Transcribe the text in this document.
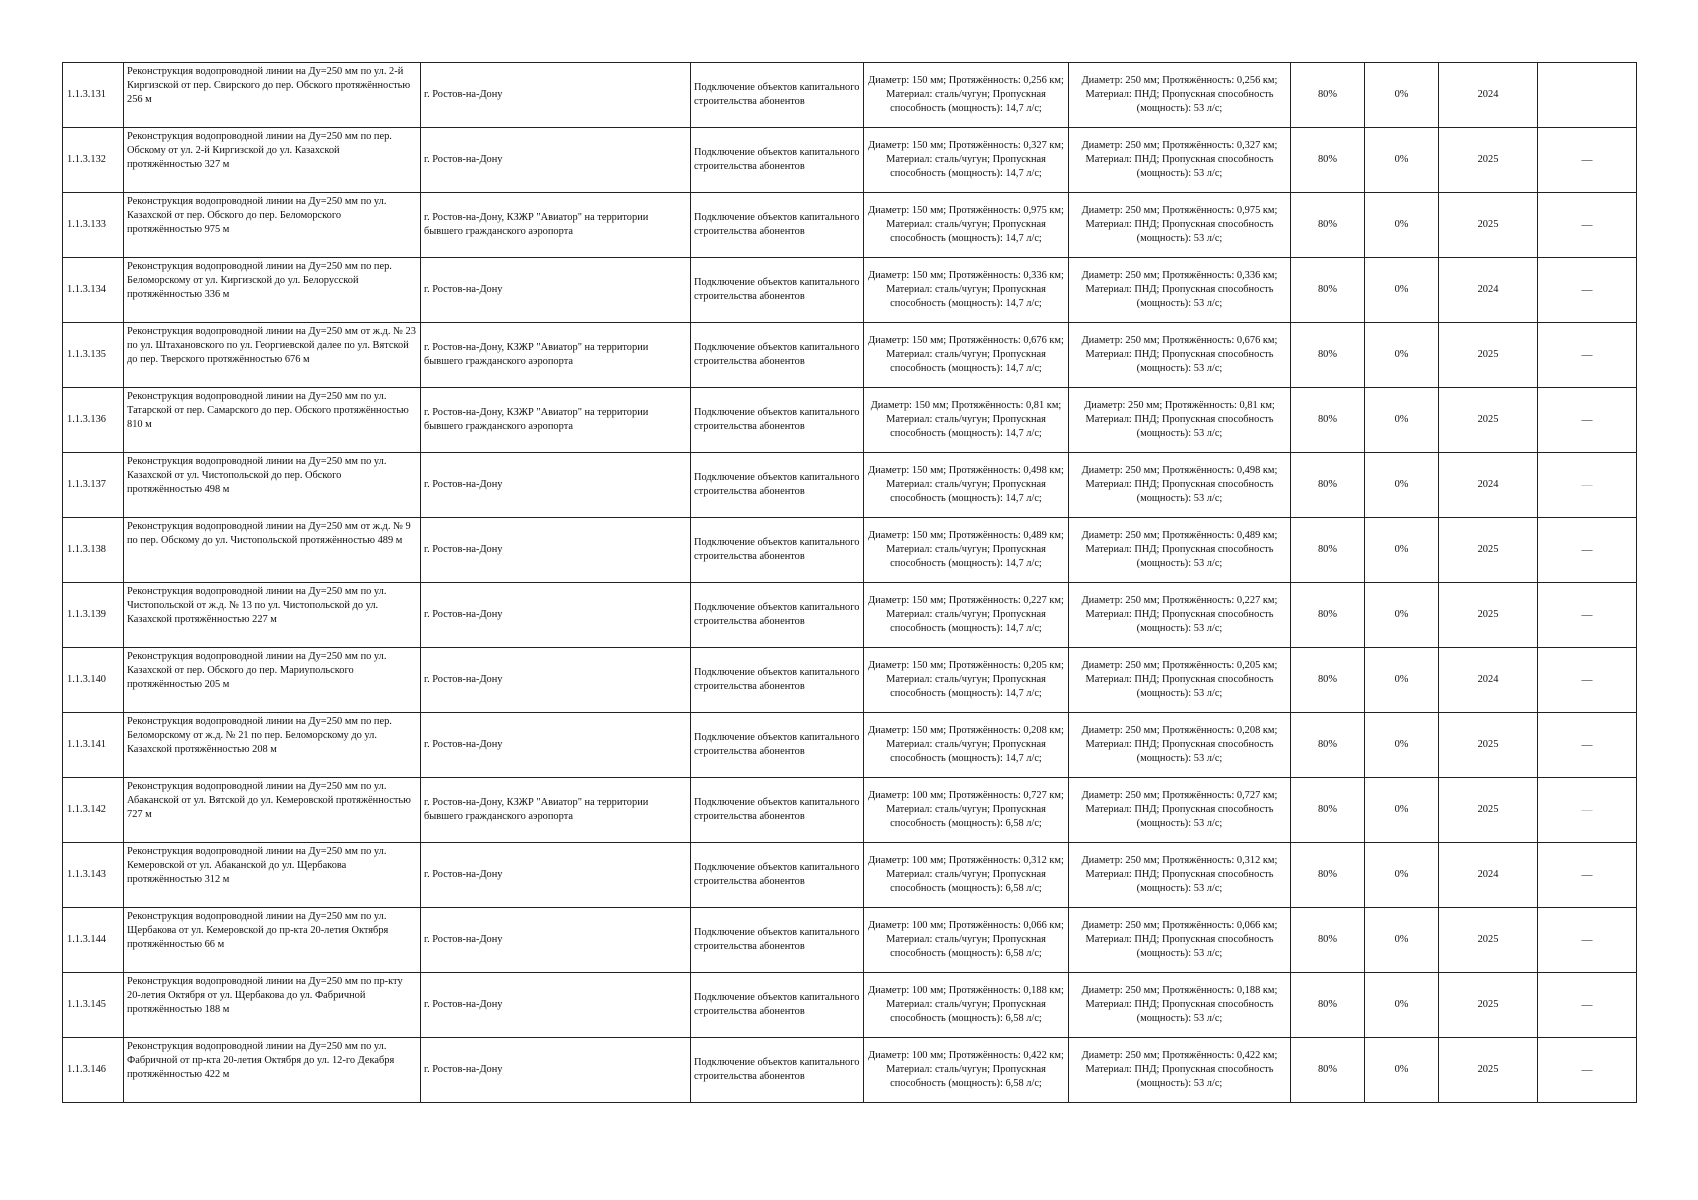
1.1.3.131	Реконструкция водопроводной линии на Ду=250 мм по ул. 2-й Киргизской от пер. Свирского до пер. Обского протяжённостью 256 м	г. Ростов-на-Дону	Подключение объектов капитального строительства абонентов	Диаметр: 150 мм; Протяжённость: 0,256 км; Материал: сталь/чугун; Пропускная способность (мощность): 14,7 л/с;	Диаметр: 250 мм; Протяжённость: 0,256 км; Материал: ПНД; Пропускная способность (мощность): 53 л/с;	80%	0%	2024	
1.1.3.132	Реконструкция водопроводной линии на Ду=250 мм по пер. Обскому от ул. 2-й Киргизской до ул. Казахской протяжённостью 327 м	г. Ростов-на-Дону	Подключение объектов капитального строительства абонентов	Диаметр: 150 мм; Протяжённость: 0,327 км; Материал: сталь/чугун; Пропускная способность (мощность): 14,7 л/с;	Диаметр: 250 мм; Протяжённость: 0,327 км; Материал: ПНД; Пропускная способность (мощность): 53 л/с;	80%	0%	2025	—
1.1.3.133	Реконструкция водопроводной линии на Ду=250 мм по ул. Казахской от пер. Обского до пер. Беломорского протяжённостью 975 м	г. Ростов-на-Дону, КЗЖР "Авиатор" на территории бывшего гражданского аэропорта	Подключение объектов капитального строительства абонентов	Диаметр: 150 мм; Протяжённость: 0,975 км; Материал: сталь/чугун; Пропускная способность (мощность): 14,7 л/с;	Диаметр: 250 мм; Протяжённость: 0,975 км; Материал: ПНД; Пропускная способность (мощность): 53 л/с;	80%	0%	2025	—
1.1.3.134	Реконструкция водопроводной линии на Ду=250 мм по пер. Беломорскому от ул. Киргизской до ул. Белорусской протяжённостью 336 м	г. Ростов-на-Дону	Подключение объектов капитального строительства абонентов	Диаметр: 150 мм; Протяжённость: 0,336 км; Материал: сталь/чугун; Пропускная способность (мощность): 14,7 л/с;	Диаметр: 250 мм; Протяжённость: 0,336 км; Материал: ПНД; Пропускная способность (мощность): 53 л/с;	80%	0%	2024	—
1.1.3.135	Реконструкция водопроводной линии на Ду=250 мм от ж.д. № 23 по ул. Штахановского по ул. Георгиевской далее по ул. Вятской до пер. Тверского протяжённостью 676 м	г. Ростов-на-Дону, КЗЖР "Авиатор" на территории бывшего гражданского аэропорта	Подключение объектов капитального строительства абонентов	Диаметр: 150 мм; Протяжённость: 0,676 км; Материал: сталь/чугун; Пропускная способность (мощность): 14,7 л/с;	Диаметр: 250 мм; Протяжённость: 0,676 км; Материал: ПНД; Пропускная способность (мощность): 53 л/с;	80%	0%	2025	—
1.1.3.136	Реконструкция водопроводной линии на Ду=250 мм по ул. Татарской от пер. Самарского до пер. Обского протяжённостью 810 м	г. Ростов-на-Дону, КЗЖР "Авиатор" на территории бывшего гражданского аэропорта	Подключение объектов капитального строительства абонентов	Диаметр: 150 мм; Протяжённость: 0,81 км; Материал: сталь/чугун; Пропускная способность (мощность): 14,7 л/с;	Диаметр: 250 мм; Протяжённость: 0,81 км; Материал: ПНД; Пропускная способность (мощность): 53 л/с;	80%	0%	2025	—
1.1.3.137	Реконструкция водопроводной линии на Ду=250 мм по ул. Казахской от ул. Чистопольской до пер. Обского протяжённостью 498 м	г. Ростов-на-Дону	Подключение объектов капитального строительства абонентов	Диаметр: 150 мм; Протяжённость: 0,498 км; Материал: сталь/чугун; Пропускная способность (мощность): 14,7 л/с;	Диаметр: 250 мм; Протяжённость: 0,498 км; Материал: ПНД; Пропускная способность (мощность): 53 л/с;	80%	0%	2024	—
1.1.3.138	Реконструкция водопроводной линии на Ду=250 мм от ж.д. № 9 по пер. Обскому до ул. Чистопольской протяжённостью 489 м	г. Ростов-на-Дону	Подключение объектов капитального строительства абонентов	Диаметр: 150 мм; Протяжённость: 0,489 км; Материал: сталь/чугун; Пропускная способность (мощность): 14,7 л/с;	Диаметр: 250 мм; Протяжённость: 0,489 км; Материал: ПНД; Пропускная способность (мощность): 53 л/с;	80%	0%	2025	—
1.1.3.139	Реконструкция водопроводной линии на Ду=250 мм по ул. Чистопольской от ж.д. № 13 по ул. Чистопольской до ул. Казахской протяжённостью 227 м	г. Ростов-на-Дону	Подключение объектов капитального строительства абонентов	Диаметр: 150 мм; Протяжённость: 0,227 км; Материал: сталь/чугун; Пропускная способность (мощность): 14,7 л/с;	Диаметр: 250 мм; Протяжённость: 0,227 км; Материал: ПНД; Пропускная способность (мощность): 53 л/с;	80%	0%	2025	—
1.1.3.140	Реконструкция водопроводной линии на Ду=250 мм по ул. Казахской от пер. Обского до пер. Мариупольского протяжённостью 205 м	г. Ростов-на-Дону	Подключение объектов капитального строительства абонентов	Диаметр: 150 мм; Протяжённость: 0,205 км; Материал: сталь/чугун; Пропускная способность (мощность): 14,7 л/с;	Диаметр: 250 мм; Протяжённость: 0,205 км; Материал: ПНД; Пропускная способность (мощность): 53 л/с;	80%	0%	2024	—
1.1.3.141	Реконструкция водопроводной линии на Ду=250 мм по пер. Беломорскому от ж.д. № 21 по пер. Беломорскому до ул. Казахской протяжённостью 208 м	г. Ростов-на-Дону	Подключение объектов капитального строительства абонентов	Диаметр: 150 мм; Протяжённость: 0,208 км; Материал: сталь/чугун; Пропускная способность (мощность): 14,7 л/с;	Диаметр: 250 мм; Протяжённость: 0,208 км; Материал: ПНД; Пропускная способность (мощность): 53 л/с;	80%	0%	2025	—
1.1.3.142	Реконструкция водопроводной линии на Ду=250 мм по ул. Абаканской от ул. Вятской до ул. Кемеровской протяжённостью 727 м	г. Ростов-на-Дону, КЗЖР "Авиатор" на территории бывшего гражданского аэропорта	Подключение объектов капитального строительства абонентов	Диаметр: 100 мм; Протяжённость: 0,727 км; Материал: сталь/чугун; Пропускная способность (мощность): 6,58 л/с;	Диаметр: 250 мм; Протяжённость: 0,727 км; Материал: ПНД; Пропускная способность (мощность): 53 л/с;	80%	0%	2025	—
1.1.3.143	Реконструкция водопроводной линии на Ду=250 мм по ул. Кемеровской от ул. Абаканской до ул. Щербакова протяжённостью 312 м	г. Ростов-на-Дону	Подключение объектов капитального строительства абонентов	Диаметр: 100 мм; Протяжённость: 0,312 км; Материал: сталь/чугун; Пропускная способность (мощность): 6,58 л/с;	Диаметр: 250 мм; Протяжённость: 0,312 км; Материал: ПНД; Пропускная способность (мощность): 53 л/с;	80%	0%	2024	—
1.1.3.144	Реконструкция водопроводной линии на Ду=250 мм по ул. Щербакова от ул. Кемеровской до пр-кта 20-летия Октября протяжённостью 66 м	г. Ростов-на-Дону	Подключение объектов капитального строительства абонентов	Диаметр: 100 мм; Протяжённость: 0,066 км; Материал: сталь/чугун; Пропускная способность (мощность): 6,58 л/с;	Диаметр: 250 мм; Протяжённость: 0,066 км; Материал: ПНД; Пропускная способность (мощность): 53 л/с;	80%	0%	2025	—
1.1.3.145	Реконструкция водопроводной линии на Ду=250 мм по пр-кту 20-летия Октября от ул. Щербакова до ул. Фабричной протяжённостью 188 м	г. Ростов-на-Дону	Подключение объектов капитального строительства абонентов	Диаметр: 100 мм; Протяжённость: 0,188 км; Материал: сталь/чугун; Пропускная способность (мощность): 6,58 л/с;	Диаметр: 250 мм; Протяжённость: 0,188 км; Материал: ПНД; Пропускная способность (мощность): 53 л/с;	80%	0%	2025	—
1.1.3.146	Реконструкция водопроводной линии на Ду=250 мм по ул. Фабричной от пр-кта 20-летия Октября до ул. 12-го Декабря протяжённостью 422 м	г. Ростов-на-Дону	Подключение объектов капитального строительства абонентов	Диаметр: 100 мм; Протяжённость: 0,422 км; Материал: сталь/чугун; Пропускная способность (мощность): 6,58 л/с;	Диаметр: 250 мм; Протяжённость: 0,422 км; Материал: ПНД; Пропускная способность (мощность): 53 л/с;	80%	0%	2025	—
